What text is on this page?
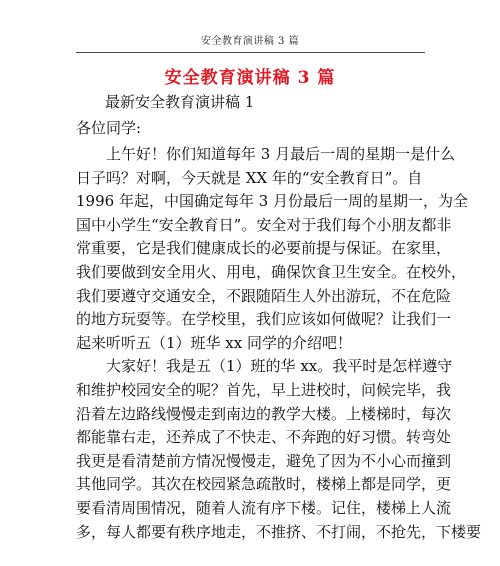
安全教育演讲稿 3 篇
安全教育演讲稿 3 篇
最新安全教育演讲稿 1
各位同学:
　　上午好！你们知道每年 3 月最后一周的星期一是什么
日子吗？对啊，今天就是 XX 年的“安全教育日”。自
1996 年起，中国确定每年 3 月份最后一周的星期一，为全
国中小学生“安全教育日”。安全对于我们每个小朋友都非
常重要，它是我们健康成长的必要前提与保证。在家里，
我们要做到安全用火、用电，确保饮食卫生安全。在校外，
我们要遵守交通安全，不跟随陌生人外出游玩，不在危险
的地方玩耍等。在学校里，我们应该如何做呢？让我们一
起来听听五（1）班华 xx 同学的介绍吧！
　　大家好！我是五（1）班的华 xx。我平时是怎样遵守
和维护校园安全的呢？首先，早上进校时，问候完毕，我
沿着左边路线慢慢走到南边的教学大楼。上楼梯时，每次
都能靠右走，还养成了不快走、不奔跑的好习惯。转弯处
我更是看清楚前方情况慢慢走，避免了因为不小心而撞到
其他同学。其次在校园紧急疏散时，楼梯上都是同学，更
要看清周围情况，随着人流有序下楼。记住，楼梯上人流
多，每人都要有秩序地走，不推挤、不打闹，不抢先，下楼要
